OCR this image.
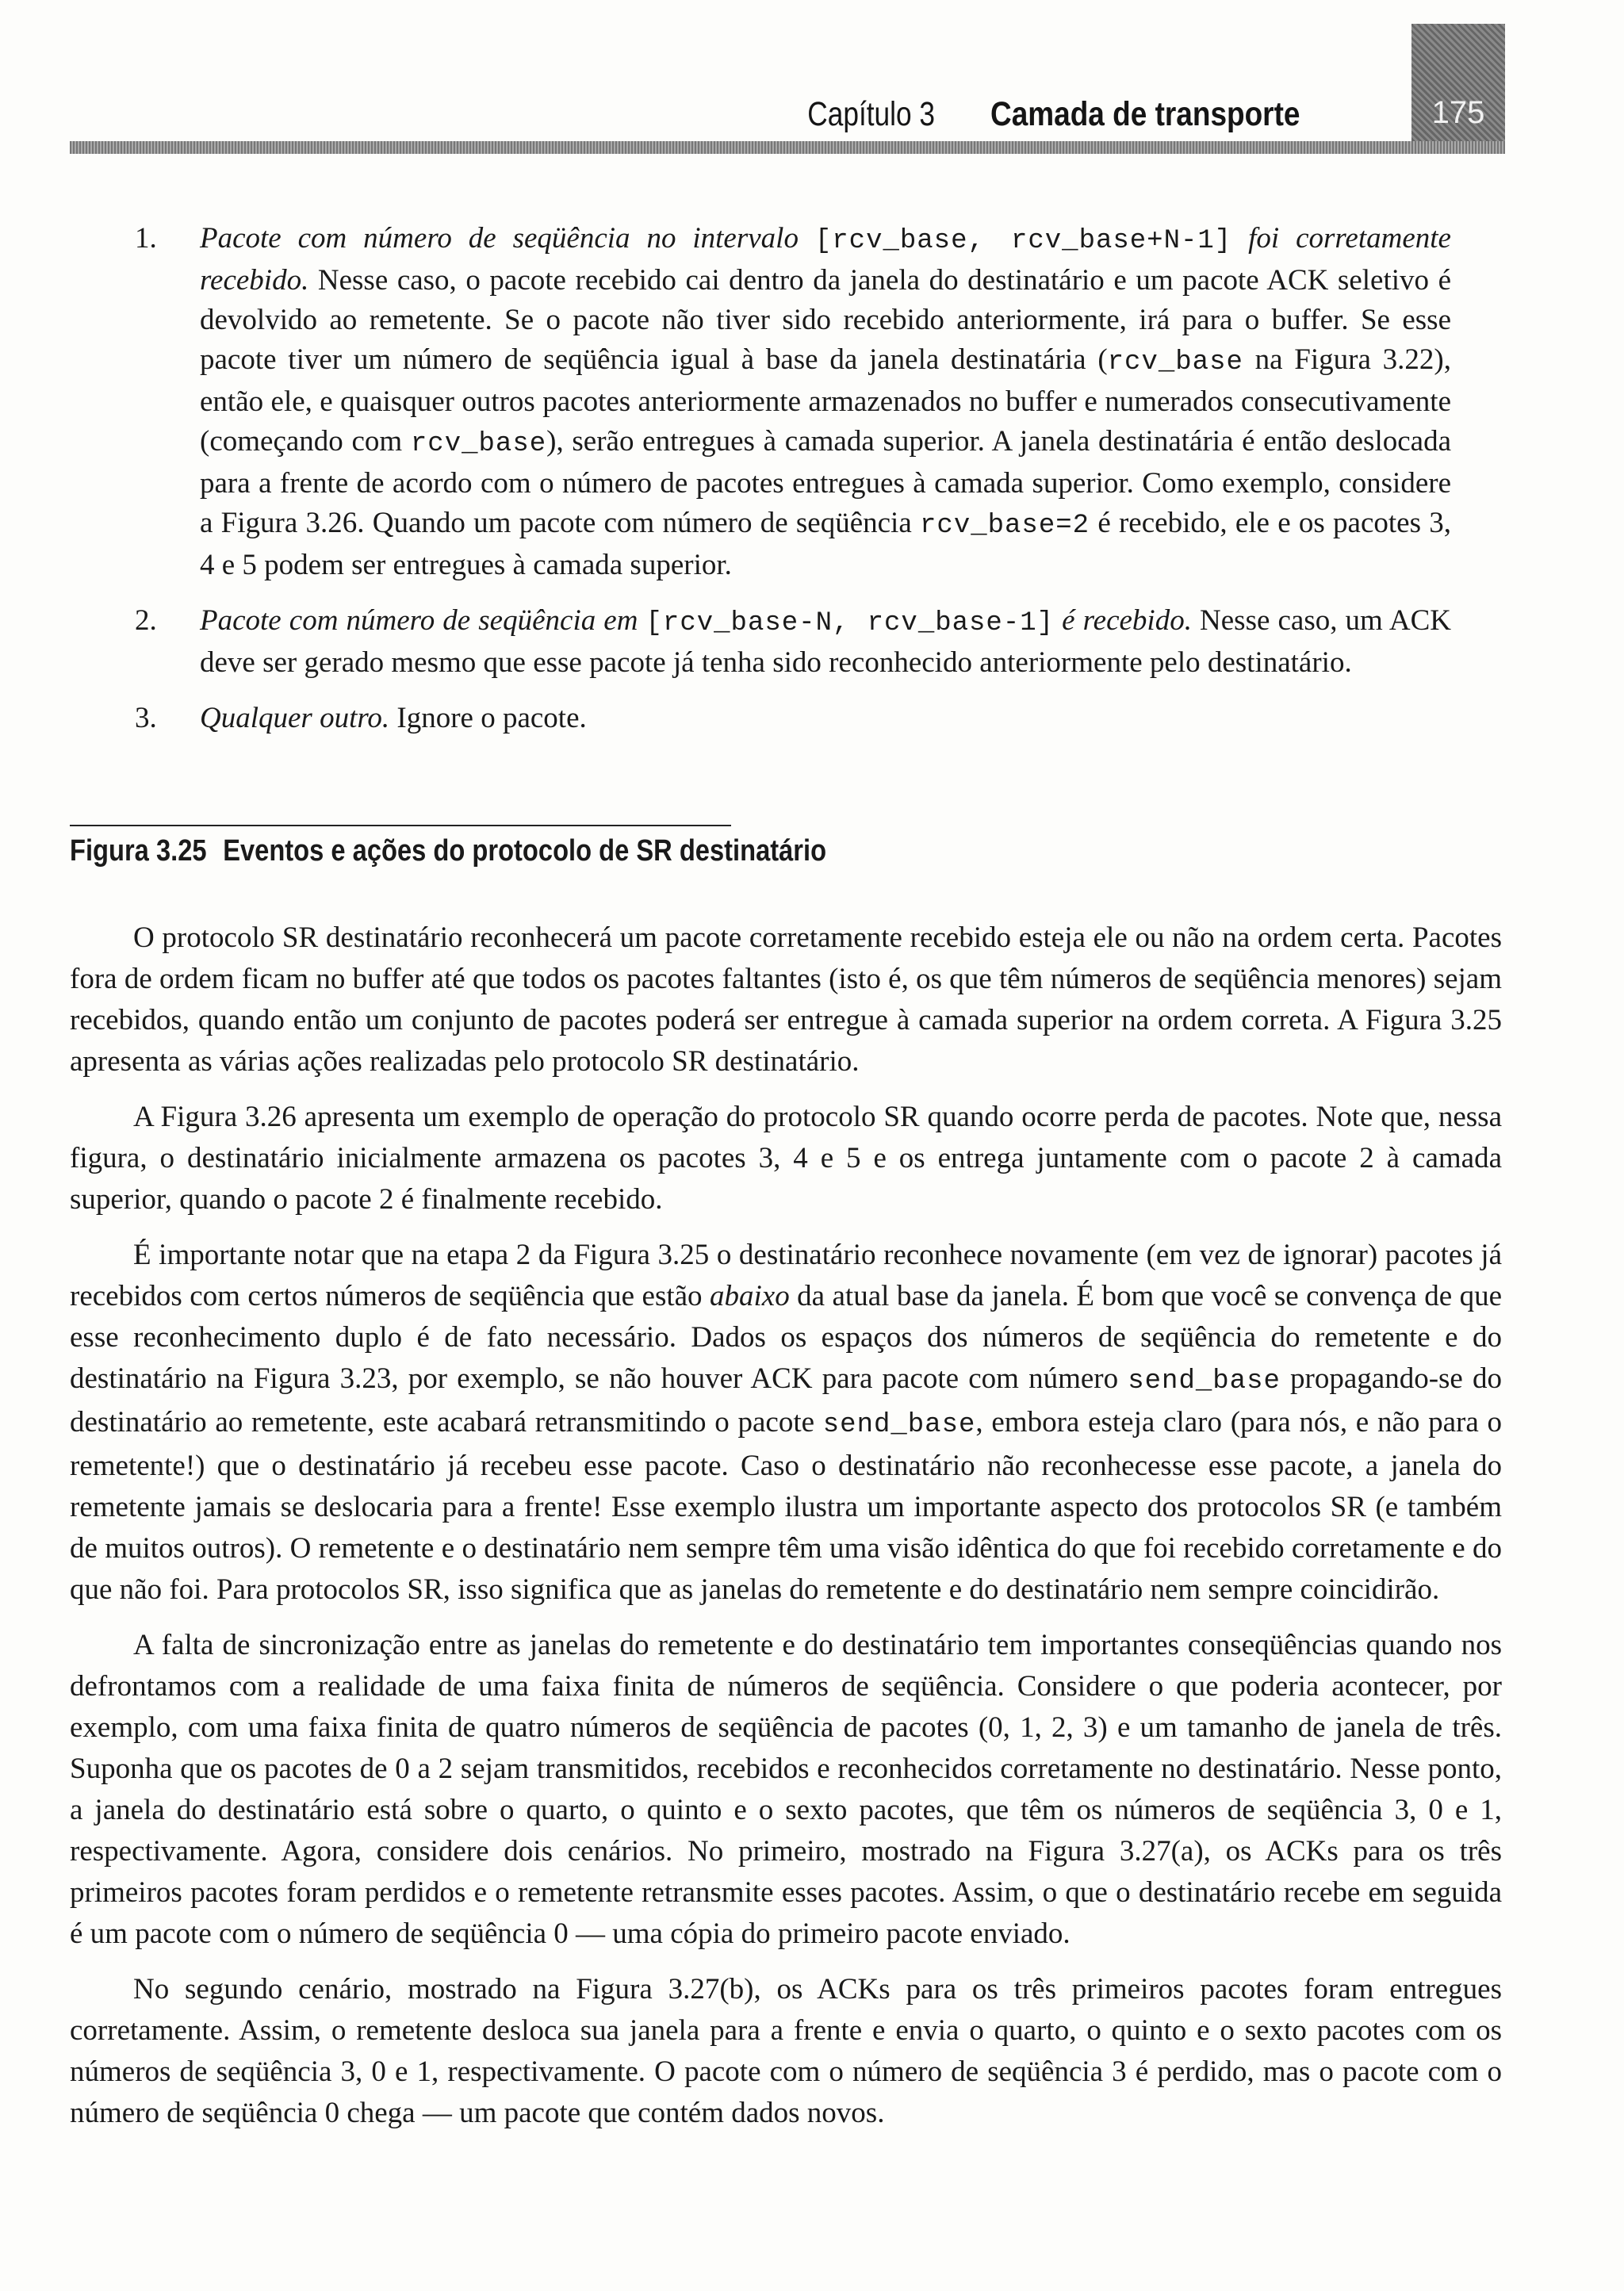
175
Capítulo 3 Camada de transporte
1. Pacote com número de seqüência no intervalo [rcv_base, rcv_base+N-1] foi corretamente recebido. Nesse caso, o pacote recebido cai dentro da janela do destinatário e um pacote ACK seletivo é devolvido ao remetente. Se o pacote não tiver sido recebido anteriormente, irá para o buffer. Se esse pacote tiver um número de seqüência igual à base da janela destinatária (rcv_base na Figura 3.22), então ele, e quaisquer outros pacotes anteriormente armazenados no buffer e numerados consecutivamente (começando com rcv_base), serão entregues à camada superior. A janela destinatária é então deslocada para a frente de acordo com o número de pacotes entregues à camada superior. Como exemplo, considere a Figura 3.26. Quando um pacote com número de seqüência rcv_base=2 é recebido, ele e os pacotes 3, 4 e 5 podem ser entregues à camada superior.

2. Pacote com número de seqüência em [rcv_base-N, rcv_base-1] é recebido. Nesse caso, um ACK deve ser gerado mesmo que esse pacote já tenha sido reconhecido anteriormente pelo destinatário.

3. Qualquer outro. Ignore o pacote.

Figura 3.25 Eventos e ações do protocolo de SR destinatário

O protocolo SR destinatário reconhecerá um pacote corretamente recebido esteja ele ou não na ordem certa. Pacotes fora de ordem ficam no buffer até que todos os pacotes faltantes (isto é, os que têm números de seqüência menores) sejam recebidos, quando então um conjunto de pacotes poderá ser entregue à camada superior na ordem correta. A Figura 3.25 apresenta as várias ações realizadas pelo protocolo SR destinatário.

A Figura 3.26 apresenta um exemplo de operação do protocolo SR quando ocorre perda de pacotes. Note que, nessa figura, o destinatário inicialmente armazena os pacotes 3, 4 e 5 e os entrega juntamente com o pacote 2 à camada superior, quando o pacote 2 é finalmente recebido.

É importante notar que na etapa 2 da Figura 3.25 o destinatário reconhece novamente (em vez de ignorar) pacotes já recebidos com certos números de seqüência que estão abaixo da atual base da janela. É bom que você se convença de que esse reconhecimento duplo é de fato necessário. Dados os espaços dos números de seqüência do remetente e do destinatário na Figura 3.23, por exemplo, se não houver ACK para pacote com número send_base propagando-se do destinatário ao remetente, este acabará retransmitindo o pacote send_base, embora esteja claro (para nós, e não para o remetente!) que o destinatário já recebeu esse pacote. Caso o destinatário não reconhecesse esse pacote, a janela do remetente jamais se deslocaria para a frente! Esse exemplo ilustra um importante aspecto dos protocolos SR (e também de muitos outros). O remetente e o destinatário nem sempre têm uma visão idêntica do que foi recebido corretamente e do que não foi. Para protocolos SR, isso significa que as janelas do remetente e do destinatário nem sempre coincidirão.

A falta de sincronização entre as janelas do remetente e do destinatário tem importantes conseqüências quando nos defrontamos com a realidade de uma faixa finita de números de seqüência. Considere o que poderia acontecer, por exemplo, com uma faixa finita de quatro números de seqüência de pacotes (0, 1, 2, 3) e um tamanho de janela de três. Suponha que os pacotes de 0 a 2 sejam transmitidos, recebidos e reconhecidos corretamente no destinatário. Nesse ponto, a janela do destinatário está sobre o quarto, o quinto e o sexto pacotes, que têm os números de seqüência 3, 0 e 1, respectivamente. Agora, considere dois cenários. No primeiro, mostrado na Figura 3.27(a), os ACKs para os três primeiros pacotes foram perdidos e o remetente retransmite esses pacotes. Assim, o que o destinatário recebe em seguida é um pacote com o número de seqüência 0 — uma cópia do primeiro pacote enviado.

No segundo cenário, mostrado na Figura 3.27(b), os ACKs para os três primeiros pacotes foram entregues corretamente. Assim, o remetente desloca sua janela para a frente e envia o quarto, o quinto e o sexto pacotes com os números de seqüência 3, 0 e 1, respectivamente. O pacote com o número de seqüência 3 é perdido, mas o pacote com o número de seqüência 0 chega — um pacote que contém dados novos.
